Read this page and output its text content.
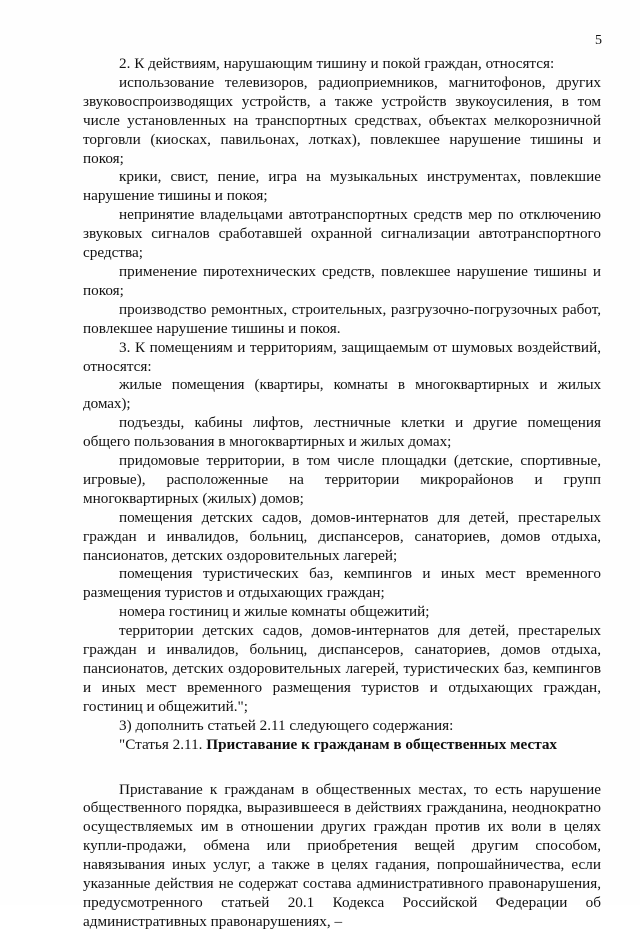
5

2. К действиям, нарушающим тишину и покой граждан, относятся:

использование телевизоров, радиоприемников, магнитофонов, других звуковоспроизводящих устройств, а также устройств звукоусиления, в том числе установленных на транспортных средствах, объектах мелкорозничной торговли (киосках, павильонах, лотках), повлекшее нарушение тишины и покоя;

крики, свист, пение, игра на музыкальных инструментах, повлекшие нарушение тишины и покоя;

непринятие владельцами автотранспортных средств мер по отключению звуковых сигналов сработавшей охранной сигнализации автотранспортного средства;

применение пиротехнических средств, повлекшее нарушение тишины и покоя;

производство ремонтных, строительных, разгрузочно-погрузочных работ, повлекшее нарушение тишины и покоя.

3. К помещениям и территориям, защищаемым от шумовых воздействий, относятся:

жилые помещения (квартиры, комнаты в многоквартирных и жилых домах);

подъезды, кабины лифтов, лестничные клетки и другие помещения общего пользования в многоквартирных и жилых домах;

придомовые территории, в том числе площадки (детские, спортивные, игровые), расположенные на территории микрорайонов и групп многоквартирных (жилых) домов;

помещения детских садов, домов-интернатов для детей, престарелых граждан и инвалидов, больниц, диспансеров, санаториев, домов отдыха, пансионатов, детских оздоровительных лагерей;

помещения туристических баз, кемпингов и иных мест временного размещения туристов и отдыхающих граждан;

номера гостиниц и жилые комнаты общежитий;

территории детских садов, домов-интернатов для детей, престарелых граждан и инвалидов, больниц, диспансеров, санаториев, домов отдыха, пансионатов, детских оздоровительных лагерей, туристических баз, кемпингов и иных мест временного размещения туристов и отдыхающих граждан, гостиниц и общежитий.";

3) дополнить статьей 2.11 следующего содержания:

"Статья 2.11. Приставание к гражданам в общественных местах

Приставание к гражданам в общественных местах, то есть нарушение общественного порядка, выразившееся в действиях гражданина, неоднократно осуществляемых им в отношении других граждан против их воли в целях купли-продажи, обмена или приобретения вещей другим способом, навязывания иных услуг, а также в целях гадания, попрошайничества, если указанные действия не содержат состава административного правонарушения, предусмотренного статьей 20.1 Кодекса Российской Федерации об административных правонарушениях, –
